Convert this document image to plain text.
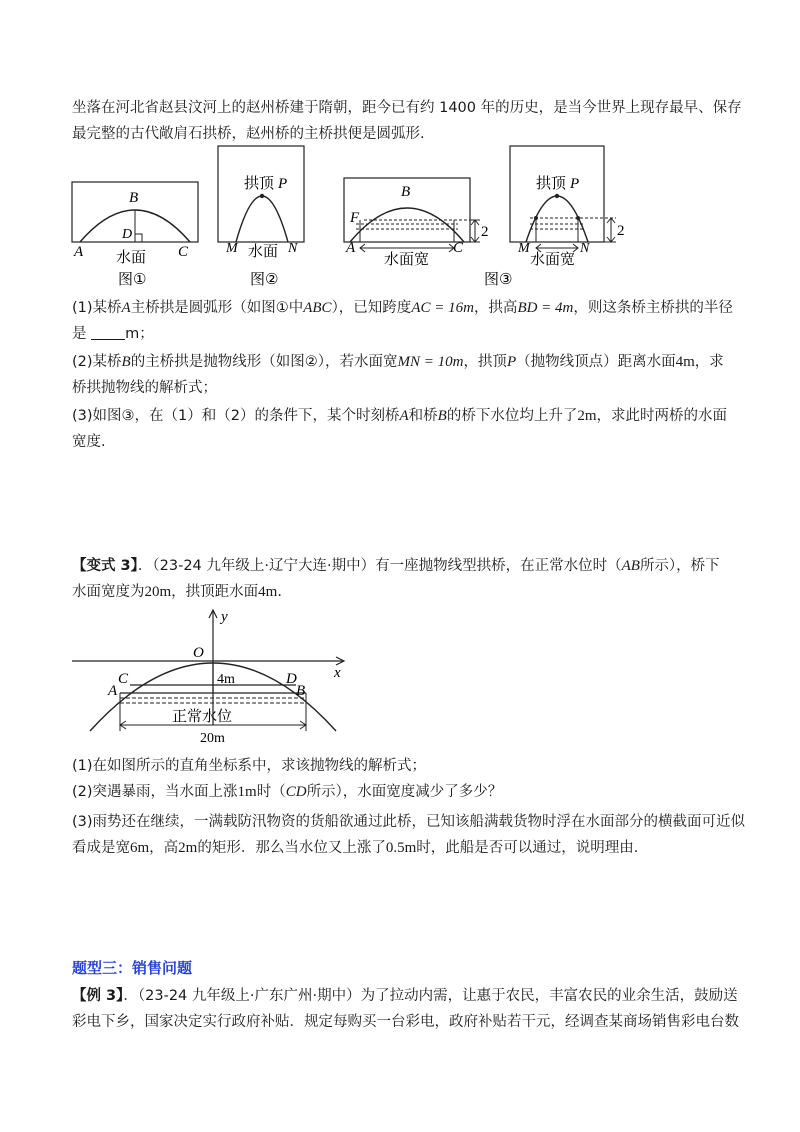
坐落在河北省赵县汶河上的赵州桥建于隋朝，距今已有约 1400 年的历史，是当今世界上现存最早、保存
最完整的古代敞肩石拱桥，赵州桥的主桥拱便是圆弧形.
B
D
A	C
水面
图①
拱顶 P
M	N
水面
图②
2
B
F
A	C
水面宽
2
拱顶 P
M	N
水面宽
图③
(1)某桥A主桥拱是圆弧形（如图①中ABC），已知跨度AC = 16m，拱高BD = 4m，则这条桥主桥拱的半径
是	m；
(2)某桥B的主桥拱是抛物线形（如图②），若水面宽MN = 10m，拱顶P（抛物线顶点）距离水面4m，求
桥拱抛物线的解析式；
(3)如图③，在（1）和（2）的条件下，某个时刻桥A和桥B的桥下水位均上升了2m，求此时两桥的水面
宽度.
【变式 3】．（23-24 九年级上·辽宁大连·期中）有一座抛物线型拱桥，在正常水位时（AB所示），桥下
水面宽度为20m，拱顶距水面4m.
y
x
O
4m
C
A
D
B
正常水位
20m
(1)在如图所示的直角坐标系中，求该抛物线的解析式；
(2)突遇暴雨，当水面上涨1m时（CD所示），水面宽度减少了多少？
(3)雨势还在继续，一满载防汛物资的货船欲通过此桥，已知该船满载货物时浮在水面部分的横截面可近似
看成是宽6m，高2m的矩形．那么当水位又上涨了0.5m时，此船是否可以通过，说明理由.
题型三：销售问题
【例 3】．（23-24 九年级上·广东广州·期中）为了拉动内需，让惠于农民，丰富农民的业余生活，鼓励送
彩电下乡，国家决定实行政府补贴．规定每购买一台彩电，政府补贴若干元，经调查某商场销售彩电台数
